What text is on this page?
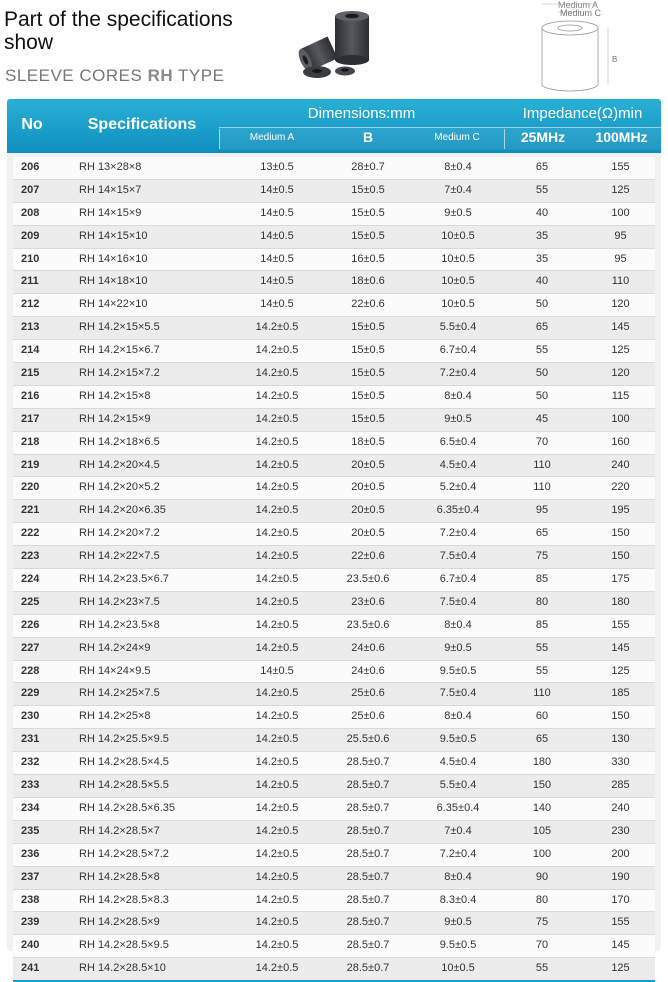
Part of the specifications show
SLEEVE CORES RH TYPE
Medium A
Medium C
B
No	Specifications
Dimensions:mm	Impedance(Ω)min
Medium A	B	Medium C	25MHz	100MHz
206	RH 13×28×8	13±0.5	28±0.7	8±0.4	65	155
207	RH 14×15×7	14±0.5	15±0.5	7±0.4	55	125
208	RH 14×15×9	14±0.5	15±0.5	9±0.5	40	100
209	RH 14×15×10	14±0.5	15±0.5	10±0.5	35	95
210	RH 14×16×10	14±0.5	16±0.5	10±0.5	35	95
211	RH 14×18×10	14±0.5	18±0.6	10±0.5	40	110
212	RH 14×22×10	14±0.5	22±0.6	10±0.5	50	120
213	RH 14.2×15×5.5	14.2±0.5	15±0.5	5.5±0.4	65	145
214	RH 14.2×15×6.7	14.2±0.5	15±0.5	6.7±0.4	55	125
215	RH 14.2×15×7.2	14.2±0.5	15±0.5	7.2±0.4	50	120
216	RH 14.2×15×8	14.2±0.5	15±0.5	8±0.4	50	115
217	RH 14.2×15×9	14.2±0.5	15±0.5	9±0.5	45	100
218	RH 14.2×18×6.5	14.2±0.5	18±0.5	6.5±0.4	70	160
219	RH 14.2×20×4.5	14.2±0.5	20±0.5	4.5±0.4	110	240
220	RH 14.2×20×5.2	14.2±0.5	20±0.5	5.2±0.4	110	220
221	RH 14.2×20×6.35	14.2±0.5	20±0.5	6.35±0.4	95	195
222	RH 14.2×20×7.2	14.2±0.5	20±0.5	7.2±0.4	65	150
223	RH 14.2×22×7.5	14.2±0.5	22±0.6	7.5±0.4	75	150
224	RH 14.2×23.5×6.7	14.2±0.5	23.5±0.6	6.7±0.4	85	175
225	RH 14.2×23×7.5	14.2±0.5	23±0.6	7.5±0.4	80	180
226	RH 14.2×23.5×8	14.2±0.5	23.5±0.6	8±0.4	85	155
227	RH 14.2×24×9	14.2±0.5	24±0.6	9±0.5	55	145
228	RH 14×24×9.5	14±0.5	24±0.6	9.5±0.5	55	125
229	RH 14.2×25×7.5	14.2±0.5	25±0.6	7.5±0.4	110	185
230	RH 14.2×25×8	14.2±0.5	25±0.6	8±0.4	60	150
231	RH 14.2×25.5×9.5	14.2±0.5	25.5±0.6	9.5±0.5	65	130
232	RH 14.2×28.5×4.5	14.2±0.5	28.5±0.7	4.5±0.4	180	330
233	RH 14.2×28.5×5.5	14.2±0.5	28.5±0.7	5.5±0.4	150	285
234	RH 14.2×28.5×6.35	14.2±0.5	28.5±0.7	6.35±0.4	140	240
235	RH 14.2×28.5×7	14.2±0.5	28.5±0.7	7±0.4	105	230
236	RH 14.2×28.5×7.2	14.2±0.5	28.5±0.7	7.2±0.4	100	200
237	RH 14.2×28.5×8	14.2±0.5	28.5±0.7	8±0.4	90	190
238	RH 14.2×28.5×8.3	14.2±0.5	28.5±0.7	8.3±0.4	80	170
239	RH 14.2×28.5×9	14.2±0.5	28.5±0.7	9±0.5	75	155
240	RH 14.2×28.5×9.5	14.2±0.5	28.5±0.7	9.5±0.5	70	145
241	RH 14.2×28.5×10	14.2±0.5	28.5±0.7	10±0.5	55	125
